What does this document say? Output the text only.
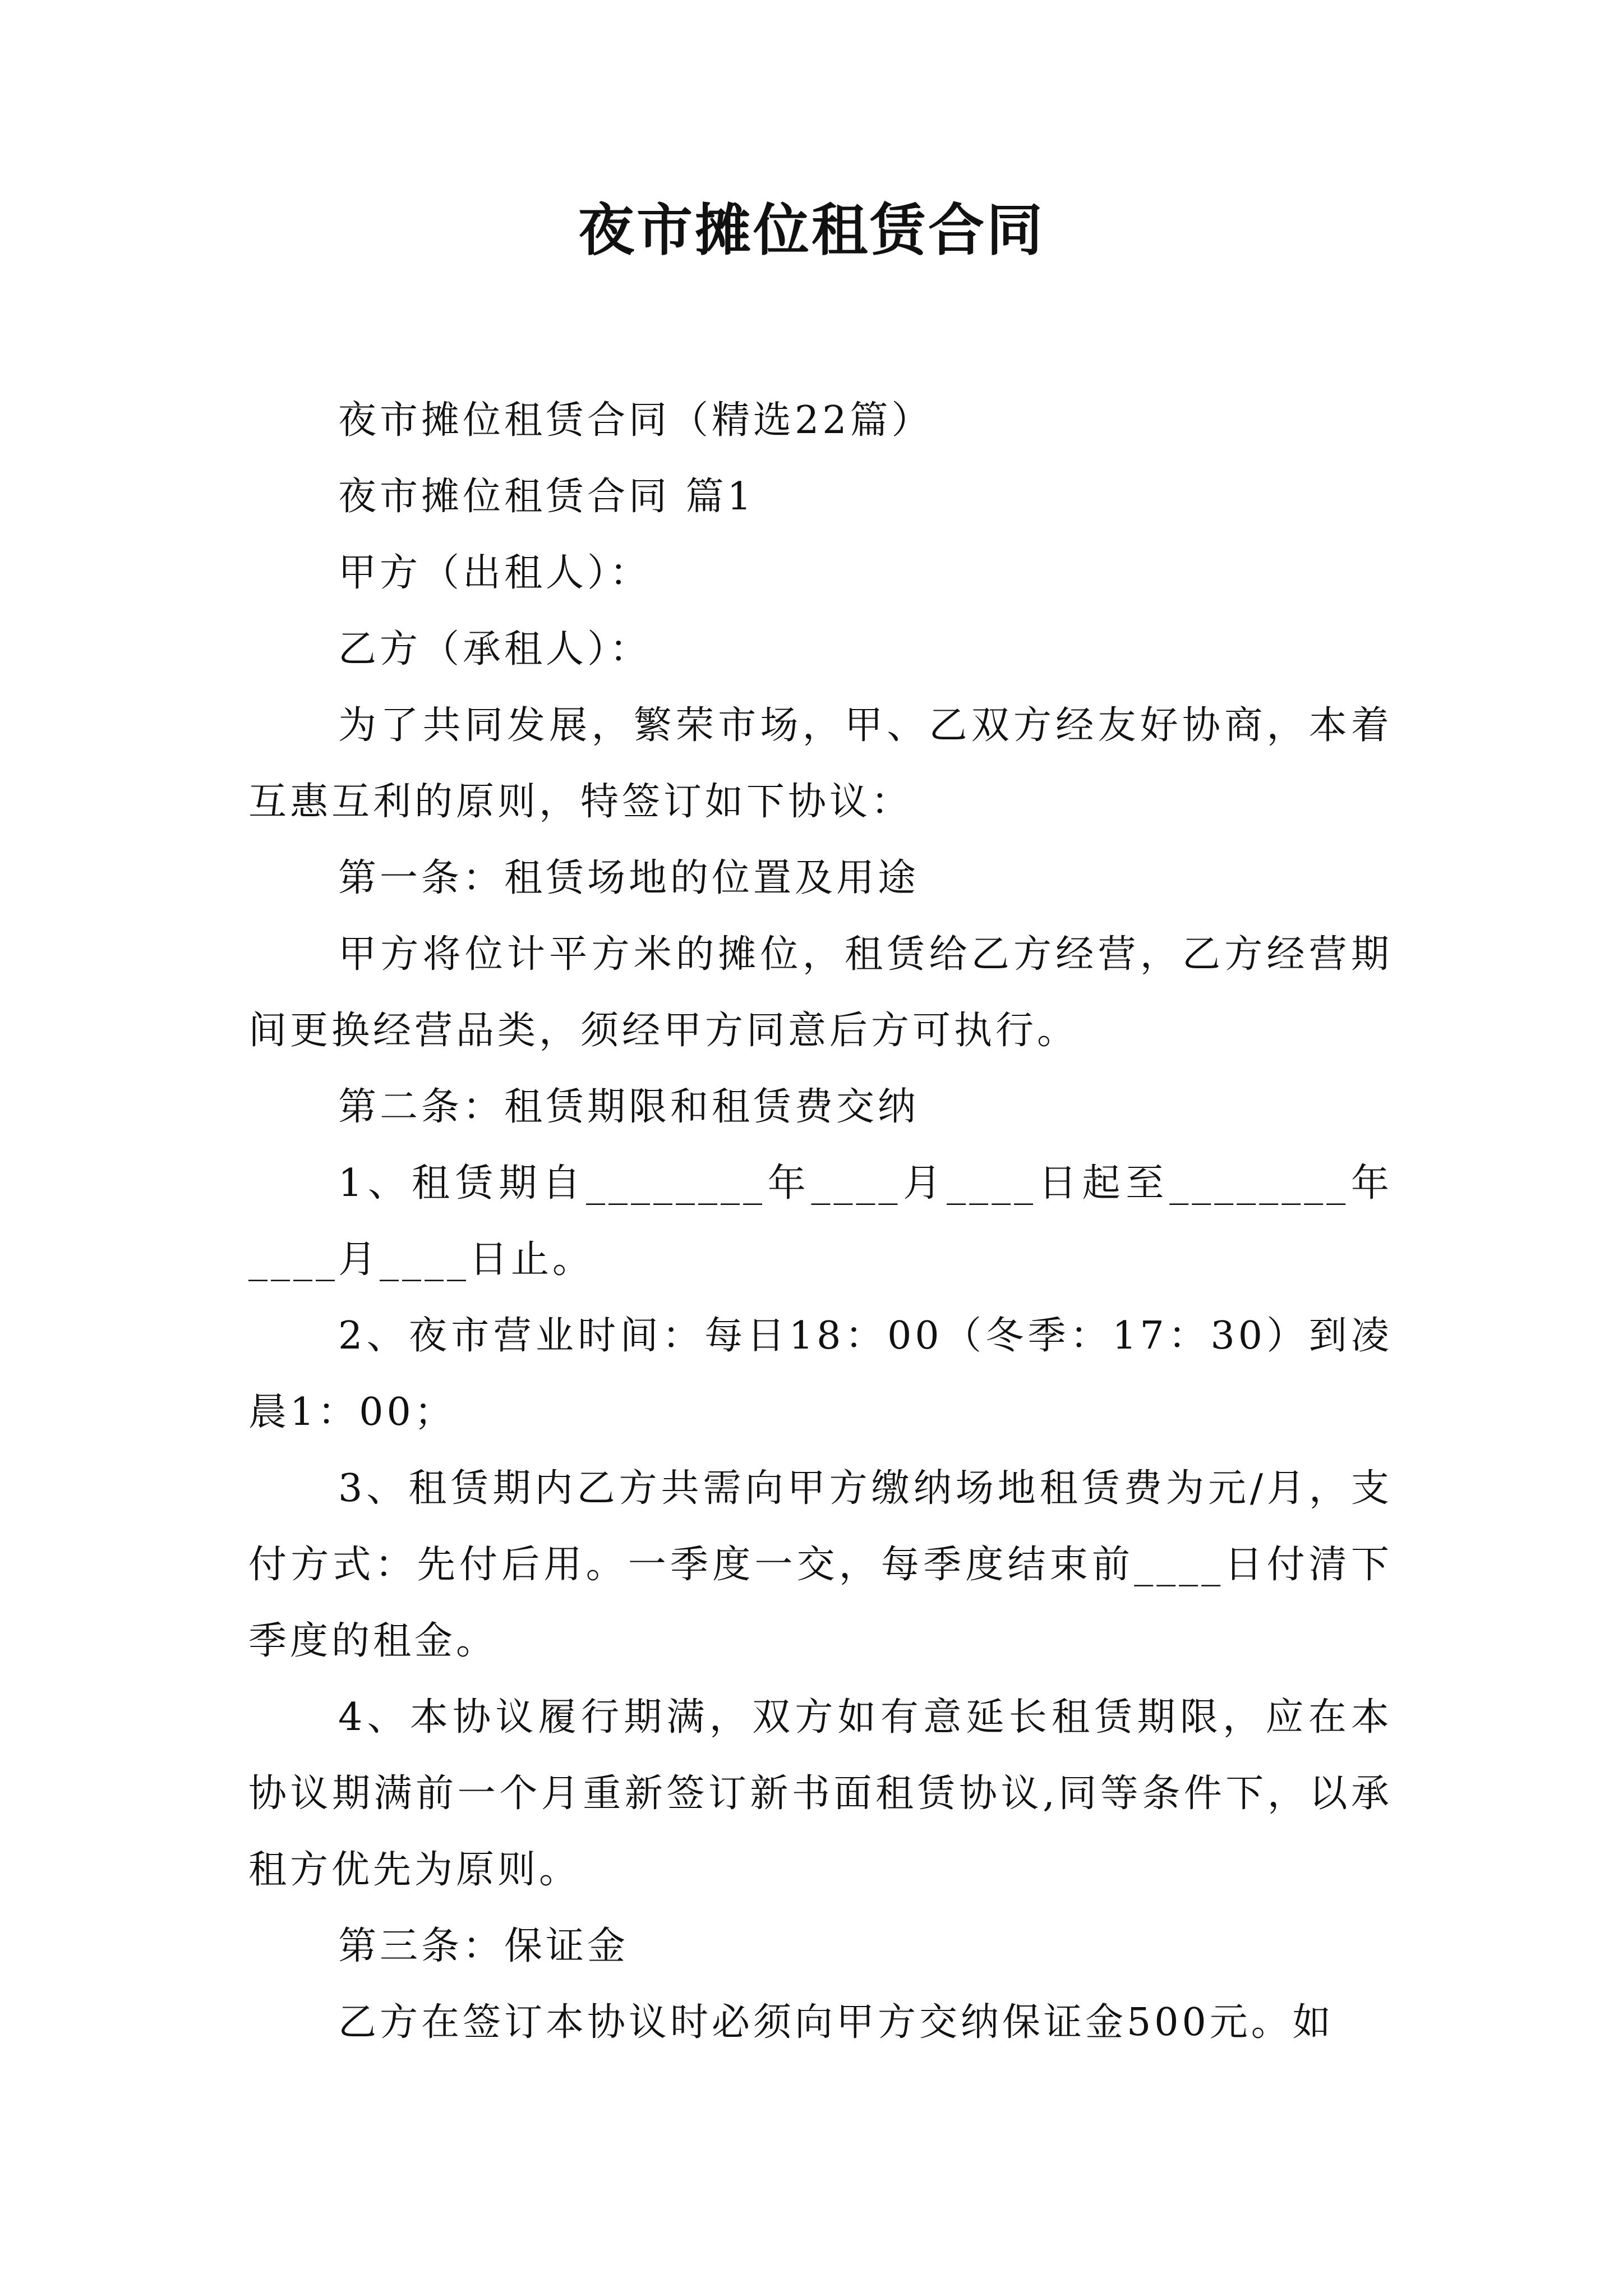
夜市摊位租赁合同

夜市摊位租赁合同（精选22篇）

夜市摊位租赁合同 篇1

甲方（出租人）：

乙方（承租人）：

为了共同发展，繁荣市场，甲、乙双方经友好协商，本着互惠互利的原则，特签订如下协议：

第一条：租赁场地的位置及用途

甲方将位计平方米的摊位，租赁给乙方经营，乙方经营期间更换经营品类，须经甲方同意后方可执行。

第二条：租赁期限和租赁费交纳

1、租赁期自________年____月____日起至________年____月____日止。

2、夜市营业时间：每日18：00（冬季：17：30）到凌晨1：00；

3、租赁期内乙方共需向甲方缴纳场地租赁费为元/月，支付方式：先付后用。一季度一交，每季度结束前____日付清下季度的租金。

4、本协议履行期满，双方如有意延长租赁期限，应在本协议期满前一个月重新签订新书面租赁协议,同等条件下，以承租方优先为原则。

第三条：保证金

乙方在签订本协议时必须向甲方交纳保证金500元。如
